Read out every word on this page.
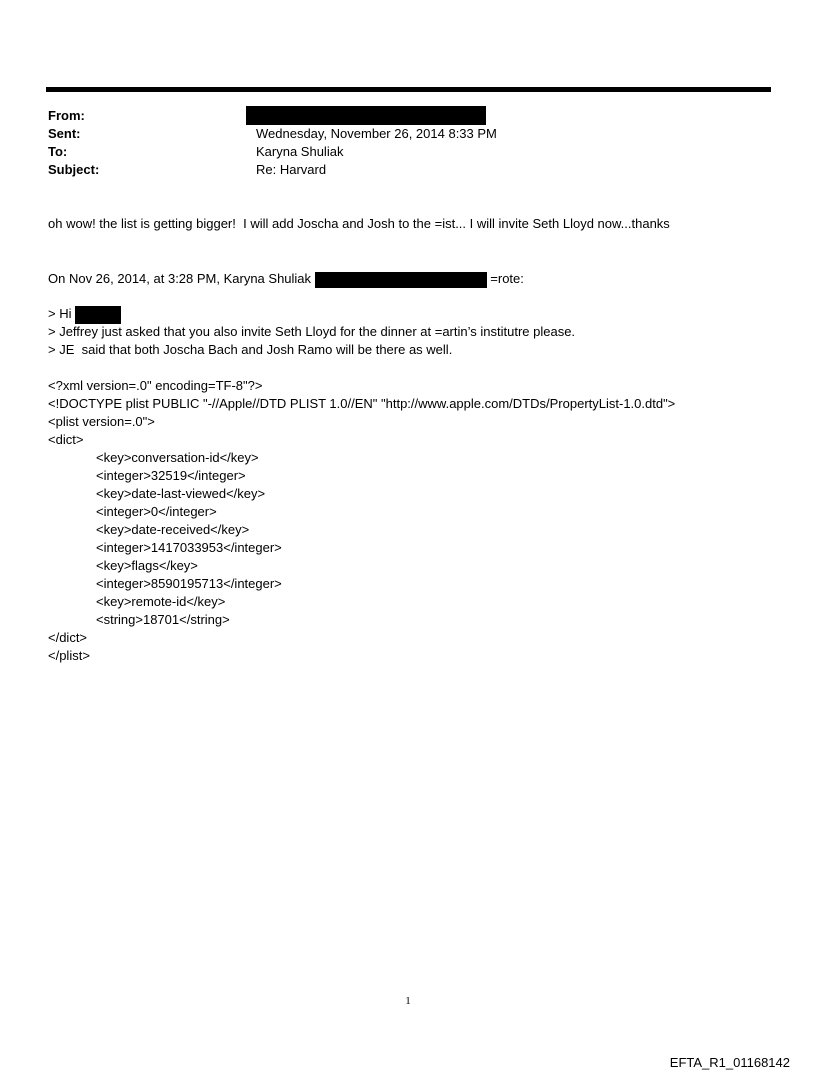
From:
Sent:	Wednesday, November 26, 2014 8:33 PM
To:	Karyna Shuliak
Subject:	Re: Harvard
oh wow! the list is getting bigger!  I will add Joscha and Josh to the =ist... I will invite Seth Lloyd now...thanks
On Nov 26, 2014, at 3:28 PM, Karyna Shuliak	=rote:
> Hi
> Jeffrey just asked that you also invite Seth Lloyd for the dinner at =artin’s institutre please.
> JE  said that both Joscha Bach and Josh Ramo will be there as well.
<?xml version=.0" encoding=TF-8"?>
<!DOCTYPE plist PUBLIC "-//Apple//DTD PLIST 1.0//EN" "http://www.apple.com/DTDs/PropertyList-1.0.dtd">
<plist version=.0">
<dict>
<key>conversation-id</key>
<integer>32519</integer>
<key>date-last-viewed</key>
<integer>0</integer>
<key>date-received</key>
<integer>1417033953</integer>
<key>flags</key>
<integer>8590195713</integer>
<key>remote-id</key>
<string>18701</string>
</dict>
</plist>
1
EFTA_R1_01168142
